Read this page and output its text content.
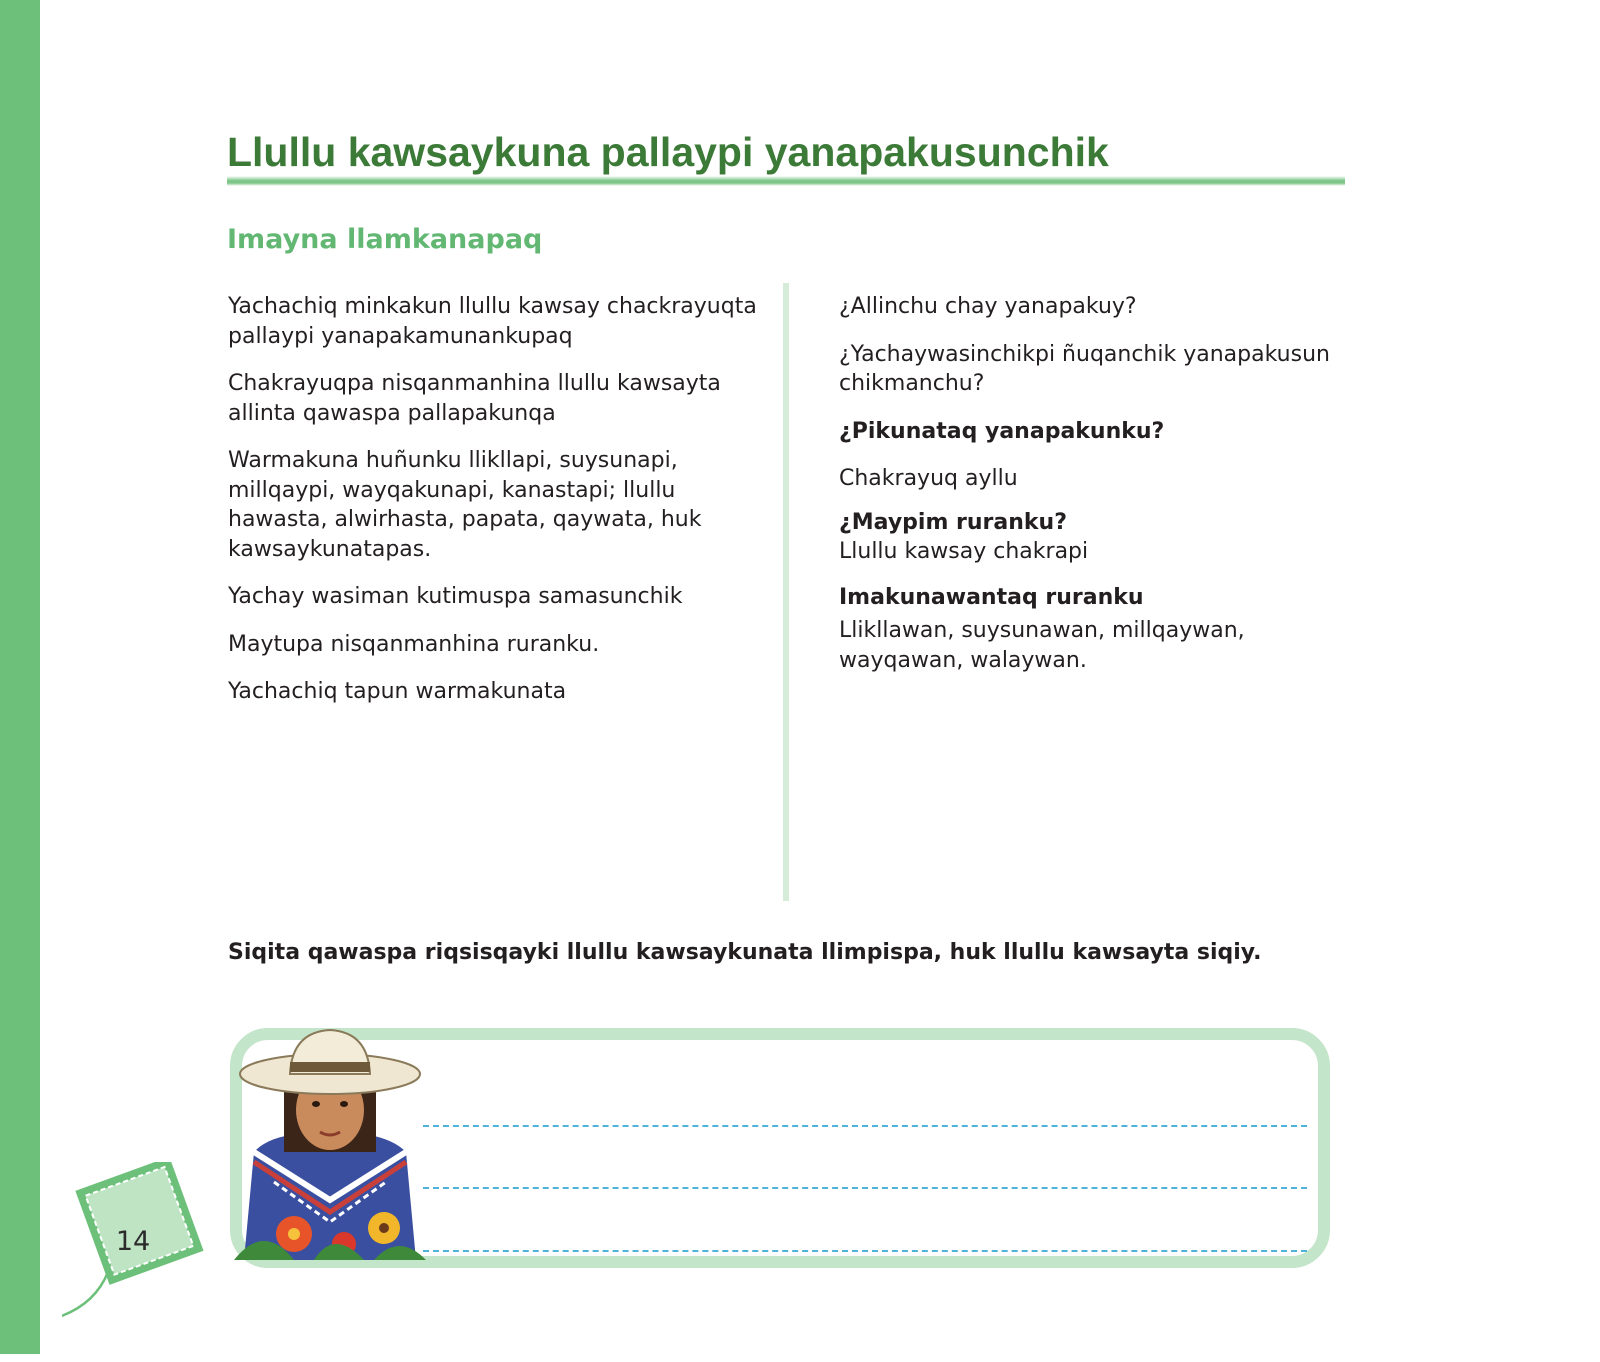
Llullu kawsaykuna pallaypi yanapakusunchik
Imayna llamkanapaq

Yachachiq minkakun llullu kawsay chackrayuqta pallaypi yanapakamunankupaq

Chakrayuqpa nisqanmanhina llullu kawsayta allinta qawaspa pallapakunqa

Warmakuna huñunku llikllapi, suysunapi, millqaypi, wayqakunapi, kanastapi; llullu hawasta, alwirhasta, papata, qaywata, huk kawsaykunatapas.

Yachay wasiman kutimuspa samasunchik

Maytupa nisqanmanhina ruranku.

Yachachiq tapun warmakunata

¿Allinchu chay yanapakuy?

¿Yachaywasinchikpi ñuqanchik yanapakusun chikmanchu?

¿Pikunataq yanapakunku?

Chakrayuq ayllu

¿Maypim ruranku?

Llullu kawsay chakrapi

Imakunawantaq ruranku

Llikllawan, suysunawan, millqaywan, wayqawan, walaywan.

Siqita qawaspa riqsisqayki llullu kawsaykunata llimpispa, huk llullu kawsayta siqiy.

14
